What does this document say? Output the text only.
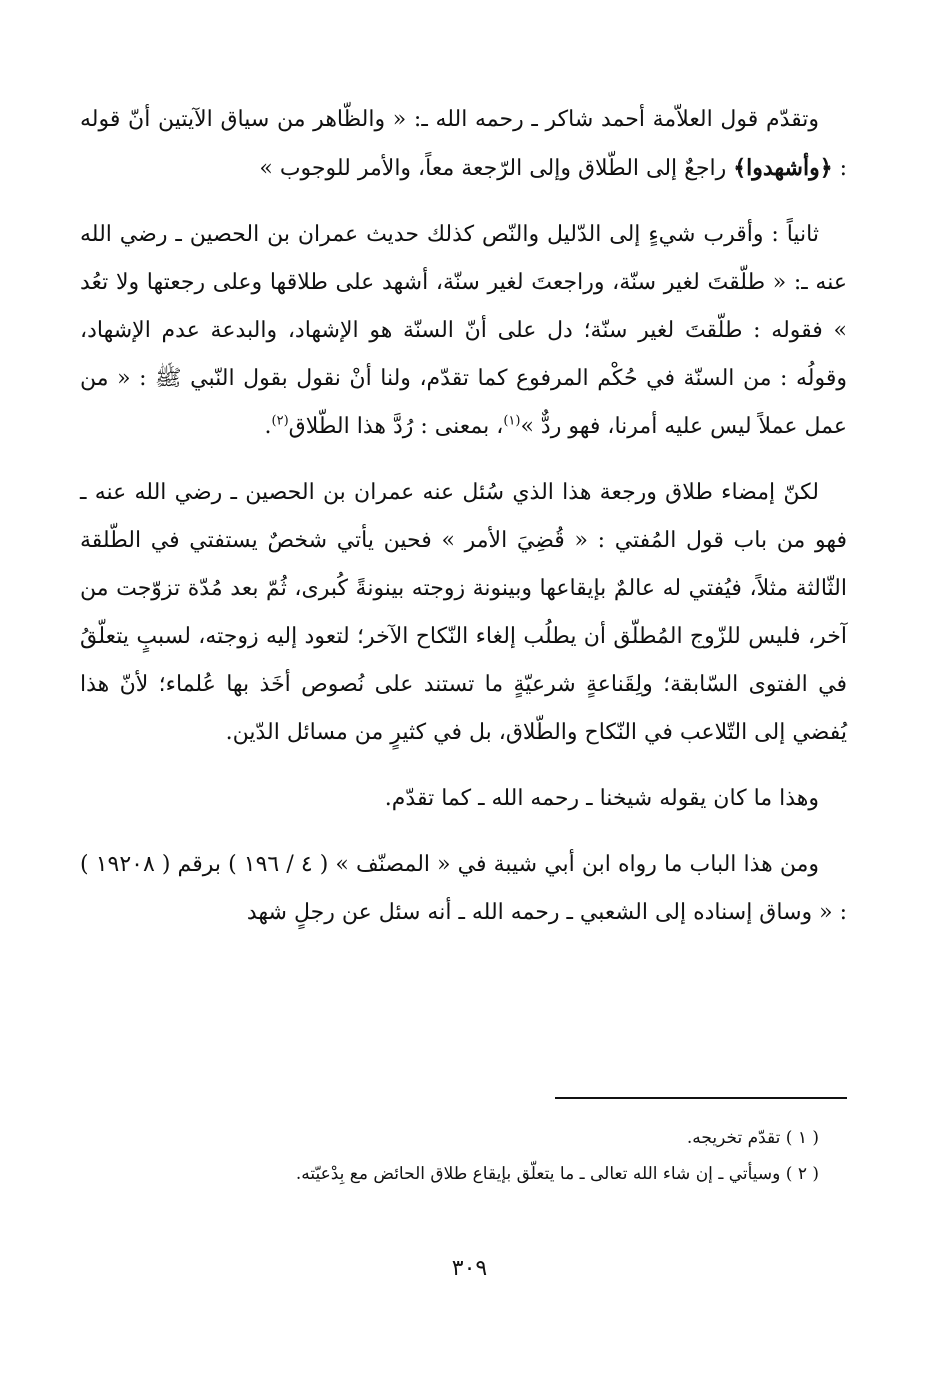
وتقدّم قول العلاّمة أحمد شاكر ـ رحمه الله ـ: « والظّاهر من سياق الآيتين أنّ قوله : ﴿وأشهدوا﴾ راجعٌ إلى الطّلاق وإلى الرّجعة معاً، والأمر للوجوب »

ثانياً : وأقرب شيءٍ إلى الدّليل والنّص كذلك حديث عمران بن الحصين ـ رضي الله عنه ـ: « طلّقتَ لغير سنّة، وراجعتَ لغير سنّة، أشهد على طلاقها وعلى رجعتها ولا تعُد » فقوله : طلّقتَ لغير سنّة؛ دل على أنّ السنّة هو الإشهاد، والبدعة عدم الإشهاد، وقولُه : من السنّة في حُكْم المرفوع كما تقدّم، ولنا أنْ نقول بقول النّبي ﷺ : « من عمل عملاً ليس عليه أمرنا، فهو ردٌّ »$^{(١)}$، بمعنى : رُدَّ هذا الطّلاق$^{(٢)}$.

لكنّ إمضاء طلاق ورجعة هذا الذي سُئل عنه عمران بن الحصين ـ رضي الله عنه ـ فهو من باب قول المُفتي : « قُضِيَ الأمر » فحين يأتي شخصٌ يستفتي في الطّلقة الثّالثة مثلاً، فيُفتي له عالمٌ بإيقاعها وبينونة زوجته بينونةً كُبرى، ثُمّ بعد مُدّة تزوّجت من آخر، فليس للزّوج المُطلّق أن يطلُب إلغاء النّكاح الآخر؛ لتعود إليه زوجته، لسببٍ يتعلّقُ في الفتوى السّابقة؛ ولِقَناعةٍ شرعيّةٍ ما تستند على نُصوص أخَذ بها عُلماء؛ لأنّ هذا يُفضي إلى التّلاعب في النّكاح والطّلاق، بل في كثيرٍ من مسائل الدّين.

وهذا ما كان يقوله شيخنا ـ رحمه الله ـ كما تقدّم.

ومن هذا الباب ما رواه ابن أبي شيبة في « المصنّف » ( ٤ / ١٩٦ ) برقم ( ١٩٢٠٨ ) : « وساق إسناده إلى الشعبي ـ رحمه الله ـ أنه سئل عن رجلٍ شهد

( ١ ) تقدّم تخريجه.

( ٢ ) وسيأتي ـ إن شاء الله تعالى ـ ما يتعلّق بإيقاع طلاق الحائض مع بِدْعيّته.

٣٠٩
